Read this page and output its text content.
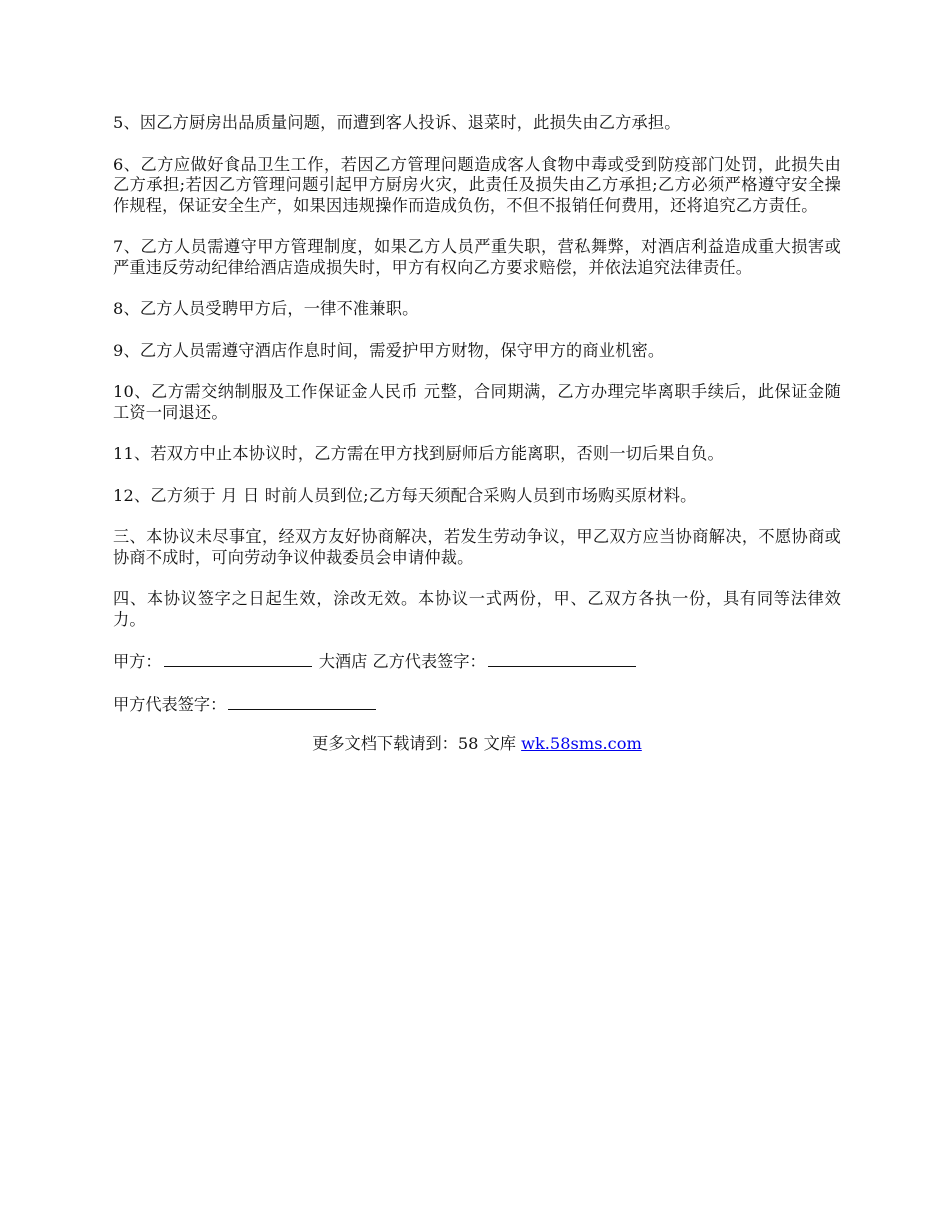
5、因乙方厨房出品质量问题，而遭到客人投诉、退菜时，此损失由乙方承担。

6、乙方应做好食品卫生工作，若因乙方管理问题造成客人食物中毒或受到防疫部门处罚，此损失由乙方承担;若因乙方管理问题引起甲方厨房火灾，此责任及损失由乙方承担;乙方必须严格遵守安全操作规程，保证安全生产，如果因违规操作而造成负伤，不但不报销任何费用，还将追究乙方责任。

7、乙方人员需遵守甲方管理制度，如果乙方人员严重失职，营私舞弊，对酒店利益造成重大损害或严重违反劳动纪律给酒店造成损失时，甲方有权向乙方要求赔偿，并依法追究法律责任。

8、乙方人员受聘甲方后，一律不准兼职。

9、乙方人员需遵守酒店作息时间，需爱护甲方财物，保守甲方的商业机密。

10、乙方需交纳制服及工作保证金人民币 元整，合同期满，乙方办理完毕离职手续后，此保证金随工资一同退还。

11、若双方中止本协议时，乙方需在甲方找到厨师后方能离职，否则一切后果自负。

12、乙方须于 月 日 时前人员到位;乙方每天须配合采购人员到市场购买原材料。

三、本协议未尽事宜，经双方友好协商解决，若发生劳动争议，甲乙双方应当协商解决，不愿协商或协商不成时，可向劳动争议仲裁委员会申请仲裁。

四、本协议签字之日起生效，涂改无效。本协议一式两份，甲、乙双方各执一份，具有同等法律效力。

甲方：	大酒店 乙方代表签字：
甲方代表签字：
更多文档下载请到：58 文库 wk.58sms.com
